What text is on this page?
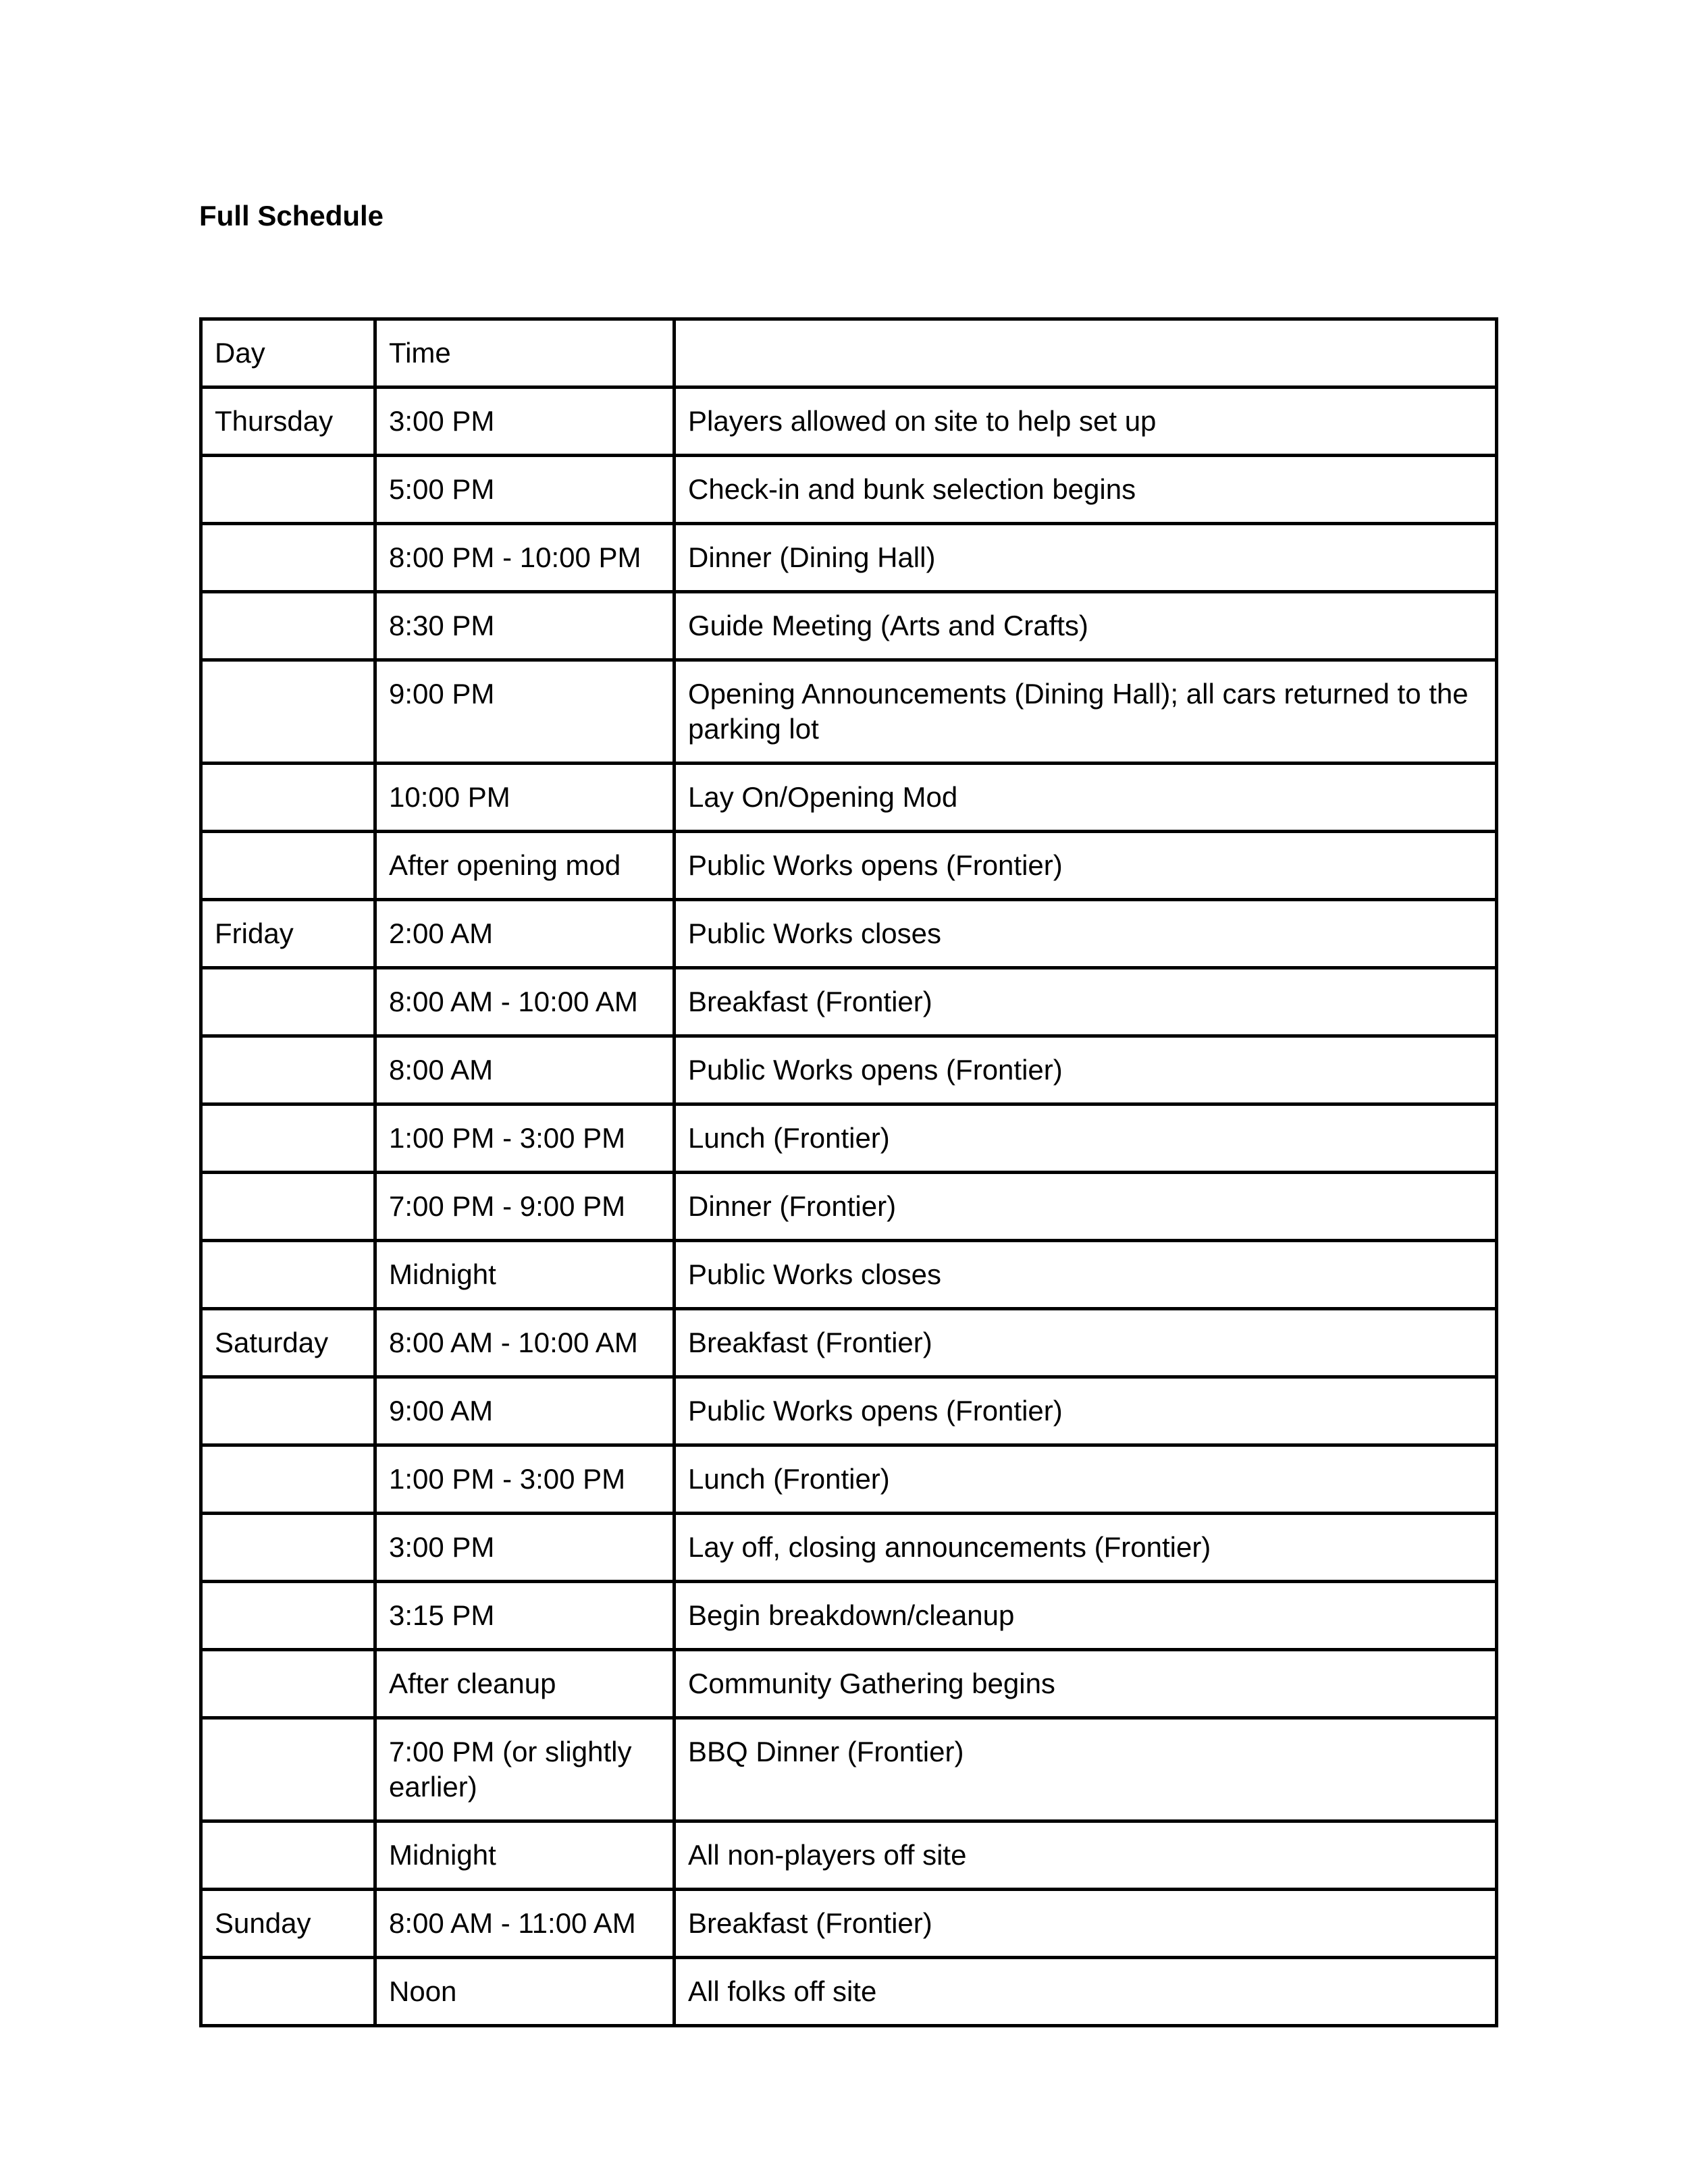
Full Schedule
Day	Time	
Thursday	3:00 PM	Players allowed on site to help set up
	5:00 PM	Check-in and bunk selection begins
	8:00 PM - 10:00 PM	Dinner (Dining Hall)
	8:30 PM	Guide Meeting (Arts and Crafts)
	9:00 PM	Opening Announcements (Dining Hall); all cars returned to the parking lot
	10:00 PM	Lay On/Opening Mod
	After opening mod	Public Works opens (Frontier)
Friday	2:00 AM	Public Works closes
	8:00 AM - 10:00 AM	Breakfast (Frontier)
	8:00 AM	Public Works opens (Frontier)
	1:00 PM - 3:00 PM	Lunch (Frontier)
	7:00 PM - 9:00 PM	Dinner (Frontier)
	Midnight	Public Works closes
Saturday	8:00 AM - 10:00 AM	Breakfast (Frontier)
	9:00 AM	Public Works opens (Frontier)
	1:00 PM - 3:00 PM	Lunch (Frontier)
	3:00 PM	Lay off, closing announcements (Frontier)
	3:15 PM	Begin breakdown/cleanup
	After cleanup	Community Gathering begins
	7:00 PM (or slightly earlier)	BBQ Dinner (Frontier)
	Midnight	All non-players off site
Sunday	8:00 AM - 11:00 AM	Breakfast (Frontier)
	Noon	All folks off site
